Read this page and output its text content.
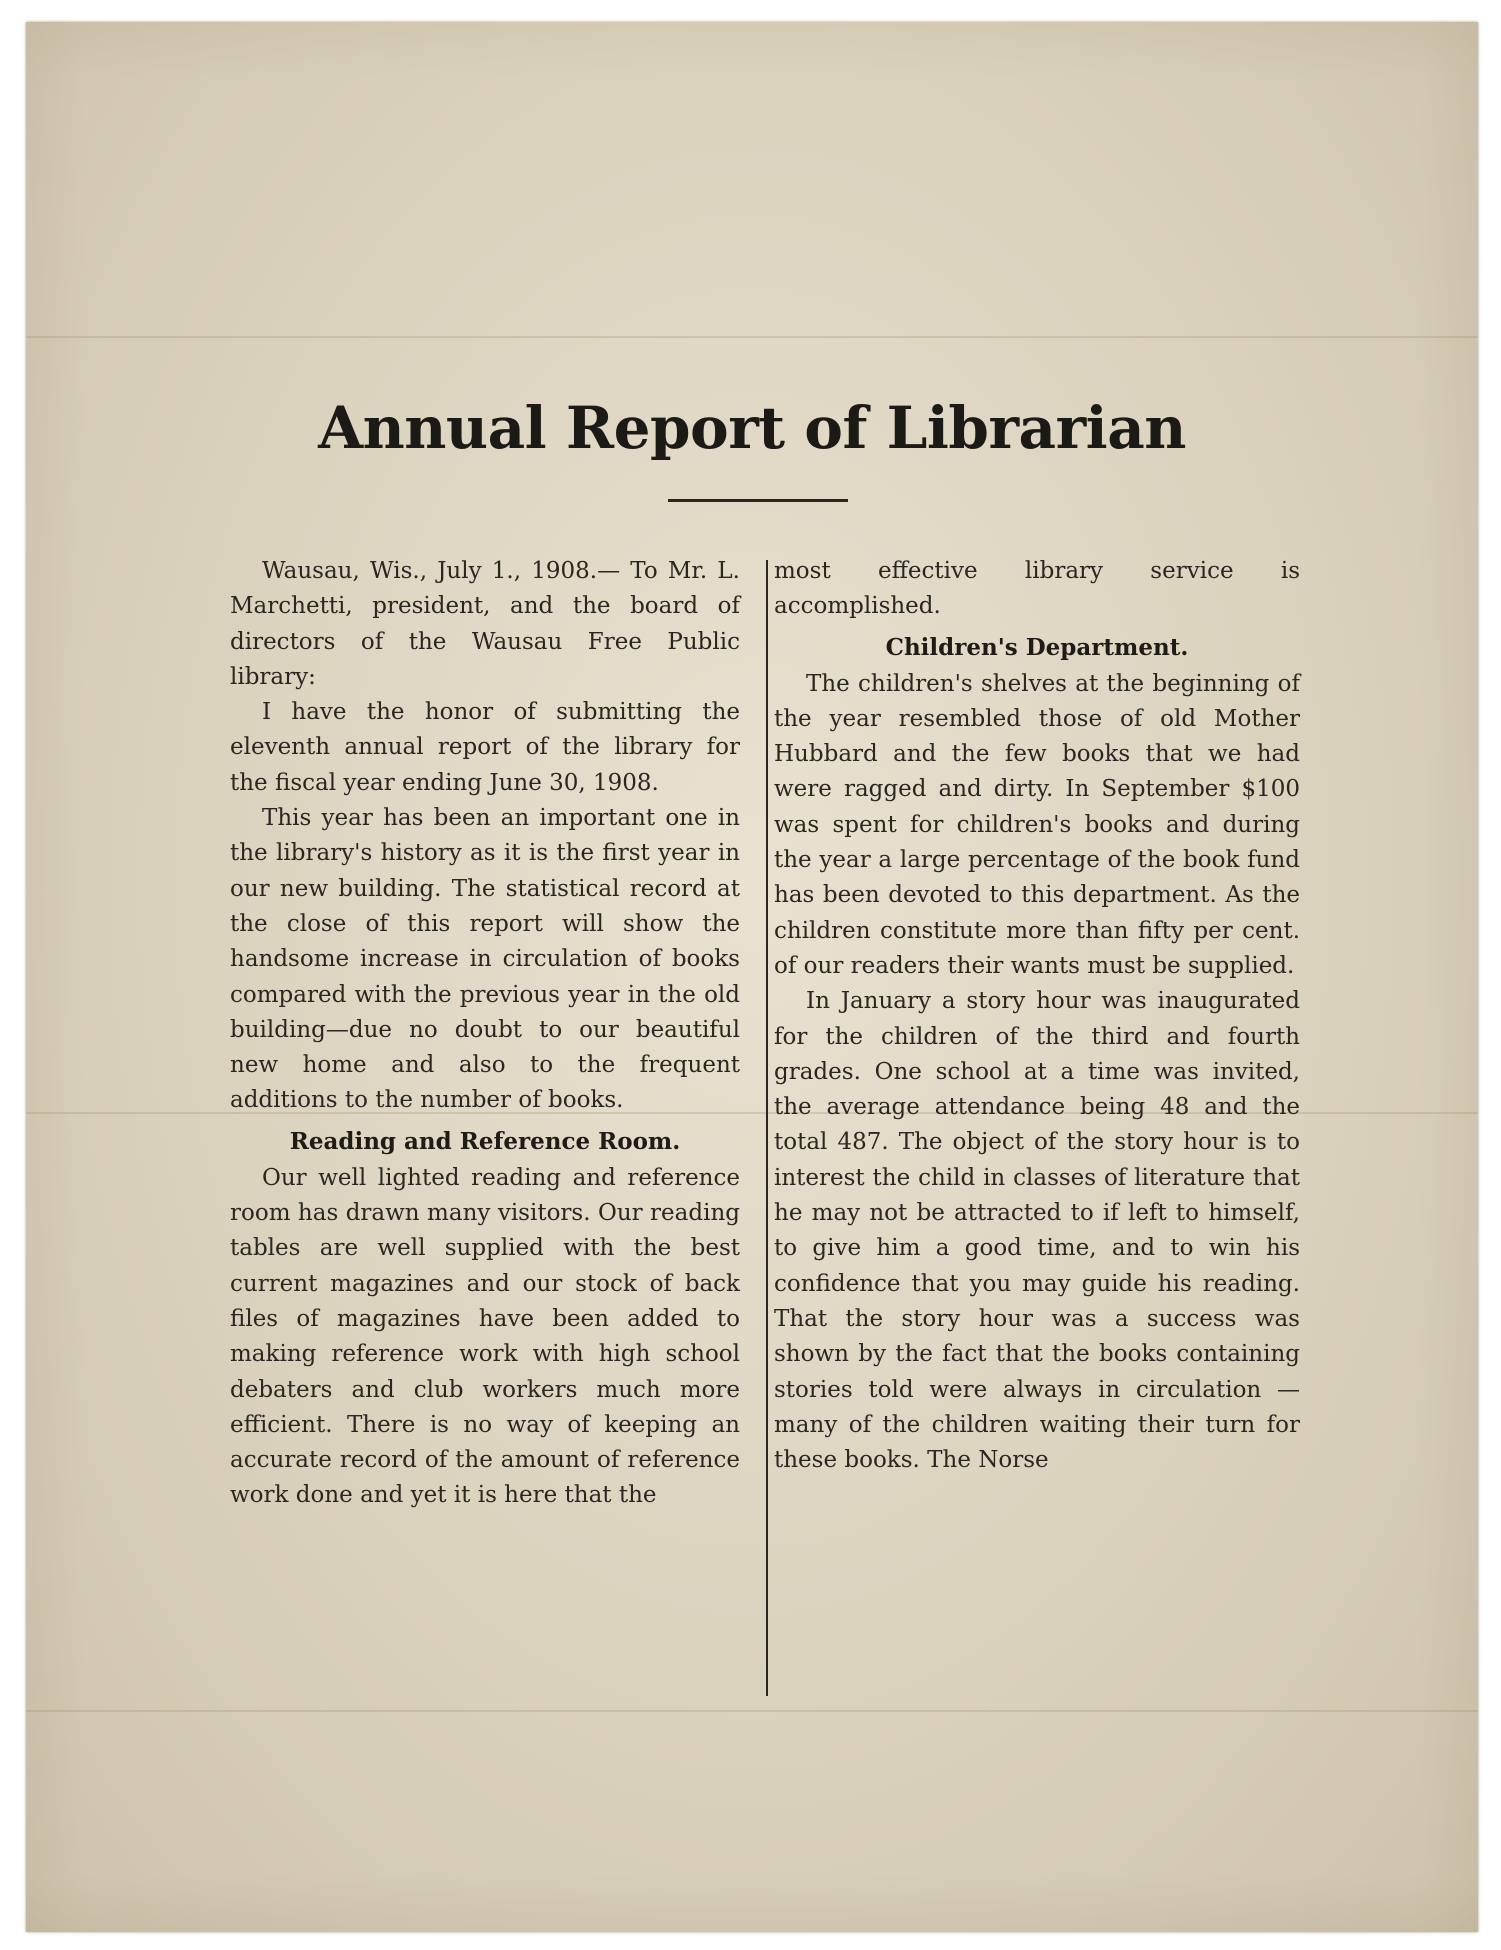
Annual Report of Librarian

Wausau, Wis., July 1., 1908.— To Mr. L. Marchetti, president, and the board of directors of the Wausau Free Public library:

I have the honor of submitting the eleventh annual report of the library for the fiscal year ending June 30, 1908.

This year has been an important one in the library's history as it is the first year in our new building. The statistical record at the close of this report will show the handsome increase in circulation of books compared with the previous year in the old building—due no doubt to our beautiful new home and also to the frequent additions to the number of books.

Reading and Reference Room.

Our well lighted reading and reference room has drawn many visitors. Our reading tables are well supplied with the best current magazines and our stock of back files of magazines have been added to making reference work with high school debaters and club workers much more efficient. There is no way of keeping an accurate record of the amount of reference work done and yet it is here that the

most effective library service is accomplished.

Children's Department.

The children's shelves at the beginning of the year resembled those of old Mother Hubbard and the few books that we had were ragged and dirty. In September $100 was spent for children's books and during the year a large percentage of the book fund has been devoted to this department. As the children constitute more than fifty per cent. of our readers their wants must be supplied.

In January a story hour was inaugurated for the children of the third and fourth grades. One school at a time was invited, the average attendance being 48 and the total 487. The object of the story hour is to interest the child in classes of literature that he may not be attracted to if left to himself, to give him a good time, and to win his confidence that you may guide his reading. That the story hour was a success was shown by the fact that the books containing stories told were always in circulation —many of the children waiting their turn for these books. The Norse
